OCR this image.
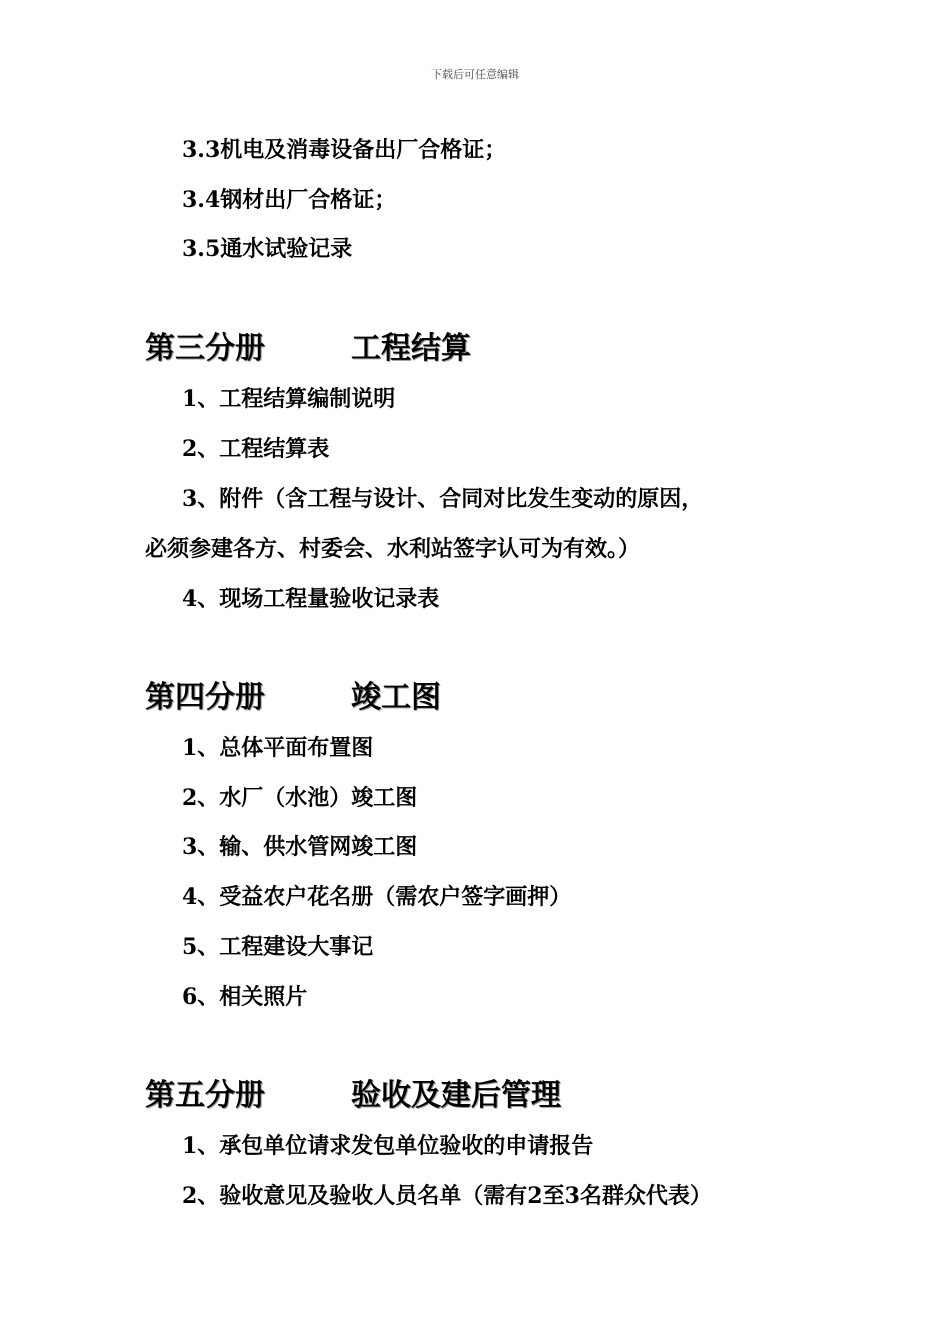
下载后可任意编辑
3.3机电及消毒设备出厂合格证；
3.4钢材出厂合格证；
3.5通水试验记录
第三分册	工程结算
1、工程结算编制说明
2、工程结算表
3、附件（含工程与设计、合同对比发生变动的原因，
必须参建各方、村委会、水利站签字认可为有效。）
4、现场工程量验收记录表
第四分册	竣工图
1、总体平面布置图
2、水厂（水池）竣工图
3、输、供水管网竣工图
4、受益农户花名册（需农户签字画押）
5、工程建设大事记
6、相关照片
第五分册	验收及建后管理
1、承包单位请求发包单位验收的申请报告
2、验收意见及验收人员名单（需有2至3名群众代表）
